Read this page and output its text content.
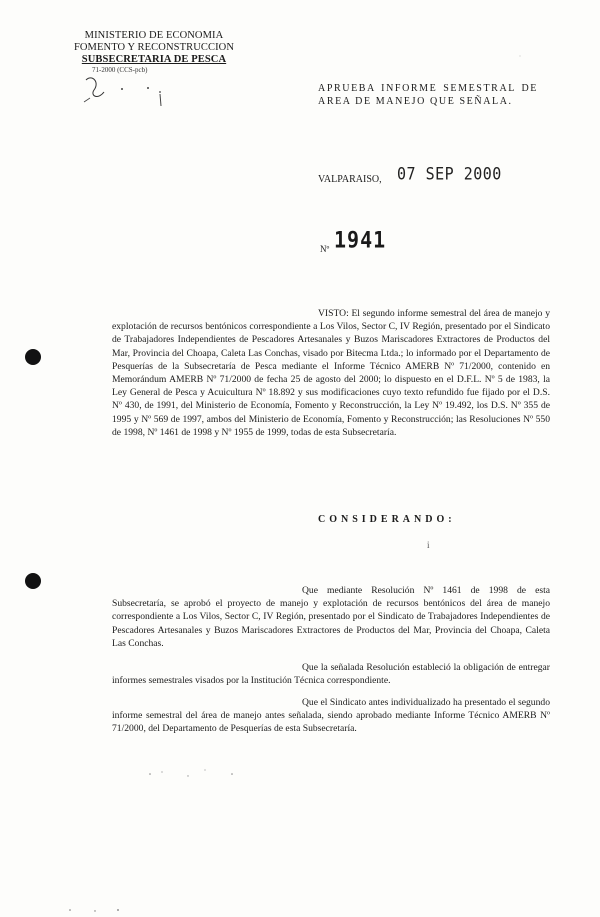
MINISTERIO DE ECONOMIA
FOMENTO Y RECONSTRUCCION
SUBSECRETARIA DE PESCA
71-2000 (CCS-pcb)
APRUEBA INFORME SEMESTRAL DE
AREA DE MANEJO QUE SEÑALA.
VALPARAISO, 07 SEP 2000
Nº 1941
VISTO: El segundo informe semestral del área de manejo y explotación de recursos bentónicos correspondiente a Los Vilos, Sector C, IV Región, presentado por el Sindicato de Trabajadores Independientes de Pescadores Artesanales y Buzos Mariscadores Extractores de Productos del Mar, Provincia del Choapa, Caleta Las Conchas, visado por Bitecma Ltda.; lo informado por el Departamento de Pesquerías de la Subsecretaría de Pesca mediante el Informe Técnico AMERB Nº 71/2000, contenido en Memorándum AMERB Nº 71/2000 de fecha 25 de agosto del 2000; lo dispuesto en el D.F.L. Nº 5 de 1983, la Ley General de Pesca y Acuicultura Nº 18.892 y sus modificaciones cuyo texto refundido fue fijado por el D.S. Nº 430, de 1991, del Ministerio de Economía, Fomento y Reconstrucción, la Ley Nº 19.492, los D.S. Nº 355 de 1995 y Nº 569 de 1997, ambos del Ministerio de Economía, Fomento y Reconstrucción; las Resoluciones Nº 550 de 1998, Nº 1461 de 1998 y Nº 1955 de 1999, todas de esta Subsecretaría.
CONSIDERANDO:
i
Que mediante Resolución Nº 1461 de 1998 de esta Subsecretaría, se aprobó el proyecto de manejo y explotación de recursos bentónicos del área de manejo correspondiente a Los Vilos, Sector C, IV Región, presentado por el Sindicato de Trabajadores Independientes de Pescadores Artesanales y Buzos Mariscadores Extractores de Productos del Mar, Provincia del Choapa, Caleta Las Conchas.
Que la señalada Resolución estableció la obligación de entregar informes semestrales visados por la Institución Técnica correspondiente.
Que el Sindicato antes individualizado ha presentado el segundo informe semestral del área de manejo antes señalada, siendo aprobado mediante Informe Técnico AMERB Nº 71/2000, del Departamento de Pesquerías de esta Subsecretaría.
